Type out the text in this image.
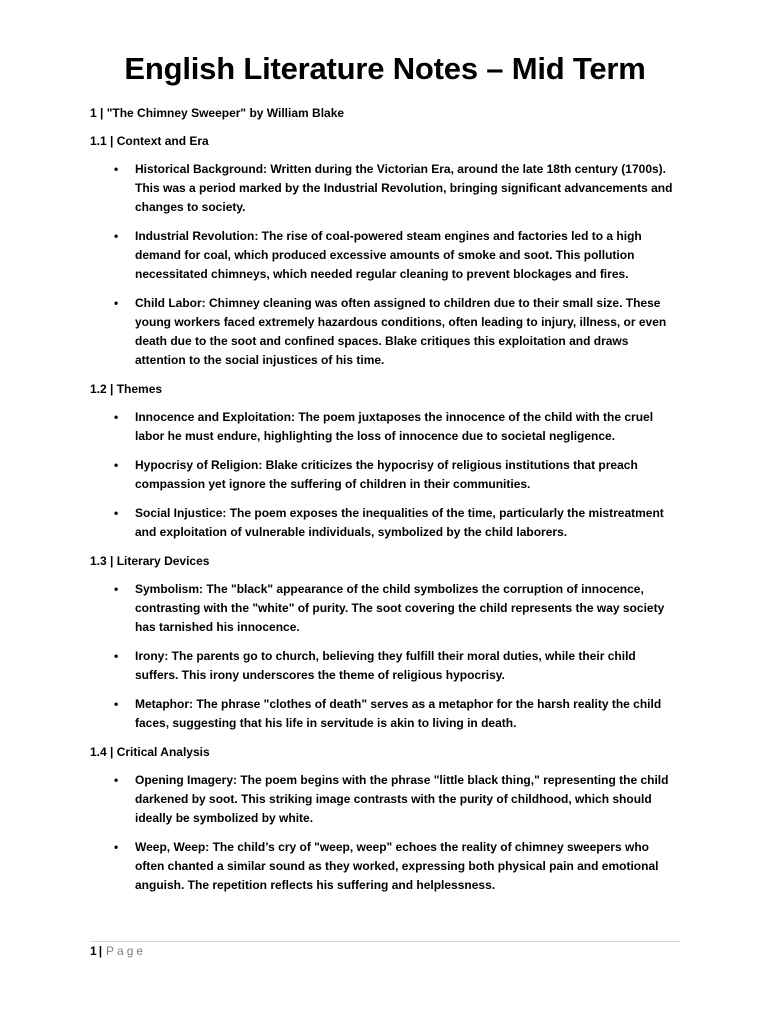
English Literature Notes – Mid Term
1 | "The Chimney Sweeper" by William Blake
1.1 | Context and Era
• Historical Background: Written during the Victorian Era, around the late 18th century (1700s). This was a period marked by the Industrial Revolution, bringing significant advancements and changes to society.
• Industrial Revolution: The rise of coal-powered steam engines and factories led to a high demand for coal, which produced excessive amounts of smoke and soot. This pollution necessitated chimneys, which needed regular cleaning to prevent blockages and fires.
• Child Labor: Chimney cleaning was often assigned to children due to their small size. These young workers faced extremely hazardous conditions, often leading to injury, illness, or even death due to the soot and confined spaces. Blake critiques this exploitation and draws attention to the social injustices of his time.
1.2 | Themes
• Innocence and Exploitation: The poem juxtaposes the innocence of the child with the cruel labor he must endure, highlighting the loss of innocence due to societal negligence.
• Hypocrisy of Religion: Blake criticizes the hypocrisy of religious institutions that preach compassion yet ignore the suffering of children in their communities.
• Social Injustice: The poem exposes the inequalities of the time, particularly the mistreatment and exploitation of vulnerable individuals, symbolized by the child laborers.
1.3 | Literary Devices
• Symbolism: The "black" appearance of the child symbolizes the corruption of innocence, contrasting with the "white" of purity. The soot covering the child represents the way society has tarnished his innocence.
• Irony: The parents go to church, believing they fulfill their moral duties, while their child suffers. This irony underscores the theme of religious hypocrisy.
• Metaphor: The phrase "clothes of death" serves as a metaphor for the harsh reality the child faces, suggesting that his life in servitude is akin to living in death.
1.4 | Critical Analysis
• Opening Imagery: The poem begins with the phrase "little black thing," representing the child darkened by soot. This striking image contrasts with the purity of childhood, which should ideally be symbolized by white.
• Weep, Weep: The child’s cry of "weep, weep" echoes the reality of chimney sweepers who often chanted a similar sound as they worked, expressing both physical pain and emotional anguish. The repetition reflects his suffering and helplessness.
1 | Page
